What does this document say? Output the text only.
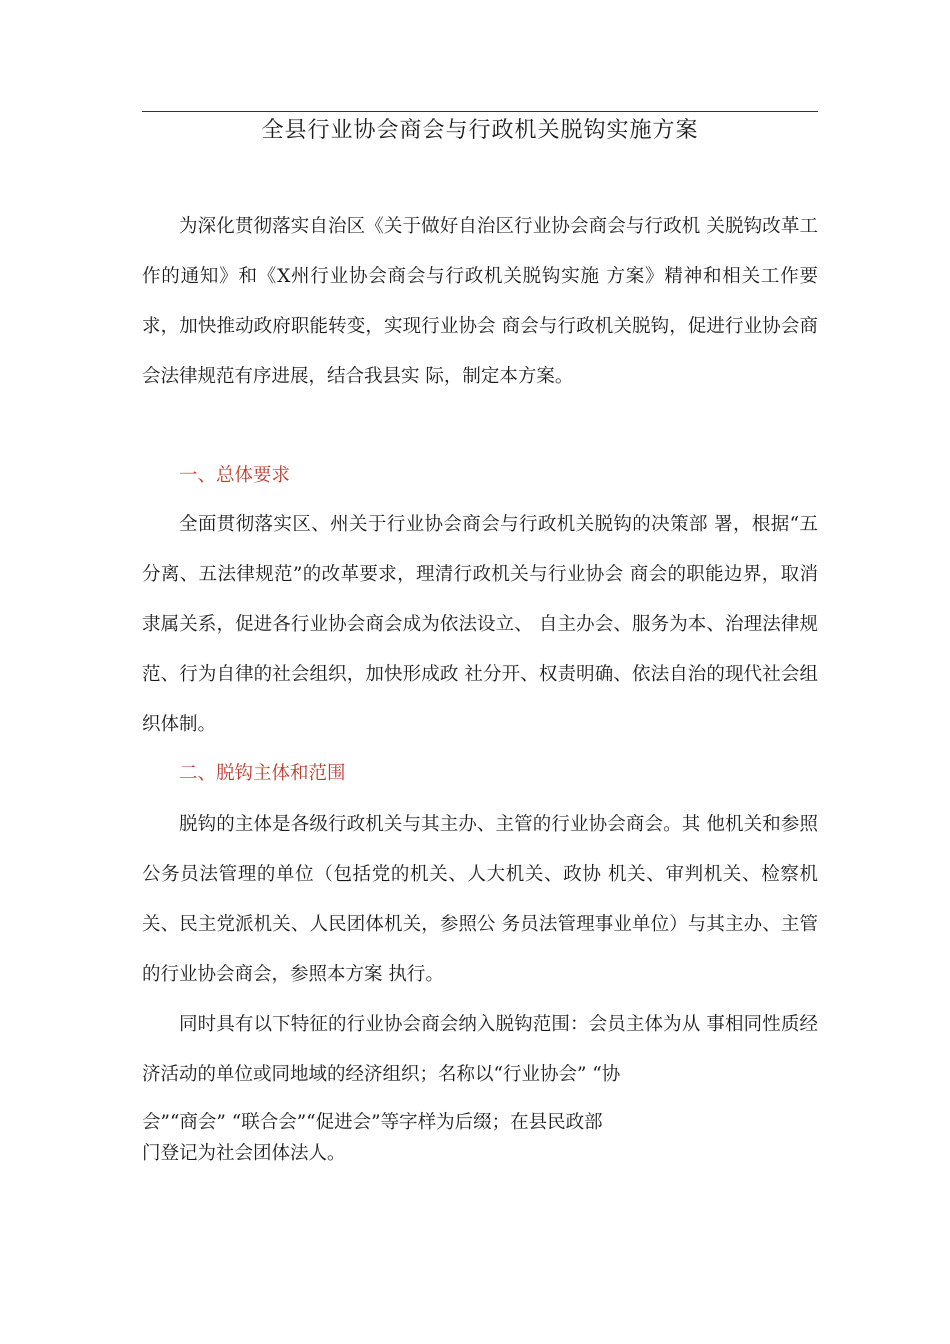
全县行业协会商会与行政机关脱钩实施方案

为深化贯彻落实自治区《关于做好自治区行业协会商会与行政机 关脱钩改革工作的通知》和《X州行业协会商会与行政机关脱钩实施 方案》精神和相关工作要求，加快推动政府职能转变，实现行业协会 商会与行政机关脱钩，促进行业协会商会法律规范有序进展，结合我县实 际，制定本方案。

一、总体要求

全面贯彻落实区、州关于行业协会商会与行政机关脱钩的决策部 署，根据“五分离、五法律规范”的改革要求，理清行政机关与行业协会 商会的职能边界，取消隶属关系，促进各行业协会商会成为依法设立、 自主办会、服务为本、治理法律规范、行为自律的社会组织，加快形成政 社分开、权责明确、依法自治的现代社会组织体制。

二、脱钩主体和范围

脱钩的主体是各级行政机关与其主办、主管的行业协会商会。其 他机关和参照公务员法管理的单位（包括党的机关、人大机关、政协 机关、审判机关、检察机关、民主党派机关、人民团体机关，参照公 务员法管理事业单位）与其主办、主管的行业协会商会，参照本方案 执行。

同时具有以下特征的行业协会商会纳入脱钩范围：会员主体为从 事相同性质经济活动的单位或同地域的经济组织；名称以“行业协会” “协

会”“商会” “联合会”“促进会”等字样为后缀；在县民政部
门登记为社会团体法人。
